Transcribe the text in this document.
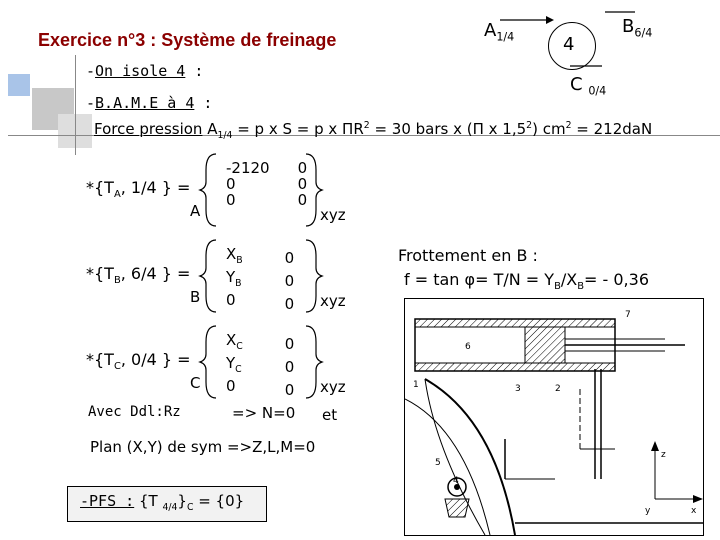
Exercice n°3 : Système de freinage	4
$A_{1/4}$
$B_{6/4}$
C $_{0/4}$
-On isole 4 :
-B.A.M.E à 4 :
Force pression $A_{1/4} = p$ x S = p x $\Pi R^2 = 30$ bars x (Π x $1,5^2$) $cm^2 = 212daN$
$*\{T_A$, 1/4 } =
A
-2120	0
0	0
0	0
xyz
$*\{T_B$, 6/4 } =
B
$X_B$	0
$Y_B$	0
0	0 xyz
$*\{T_C$, 0/4 } =
C
$X_C$	0
$Y_C$	0
0	0 xyz
Avec Ddl:Rz	=> N=0 et
Plan (X,Y) de sym =>Z,L,M=0
-PFS : {T $_{4/4}\}_C = \{0\}$
Frottement en B :
$f = \tan \varphi= T/N = Y_B/X_B= - 0,36$
6
7
5
4
3	2
1
z
x
y
